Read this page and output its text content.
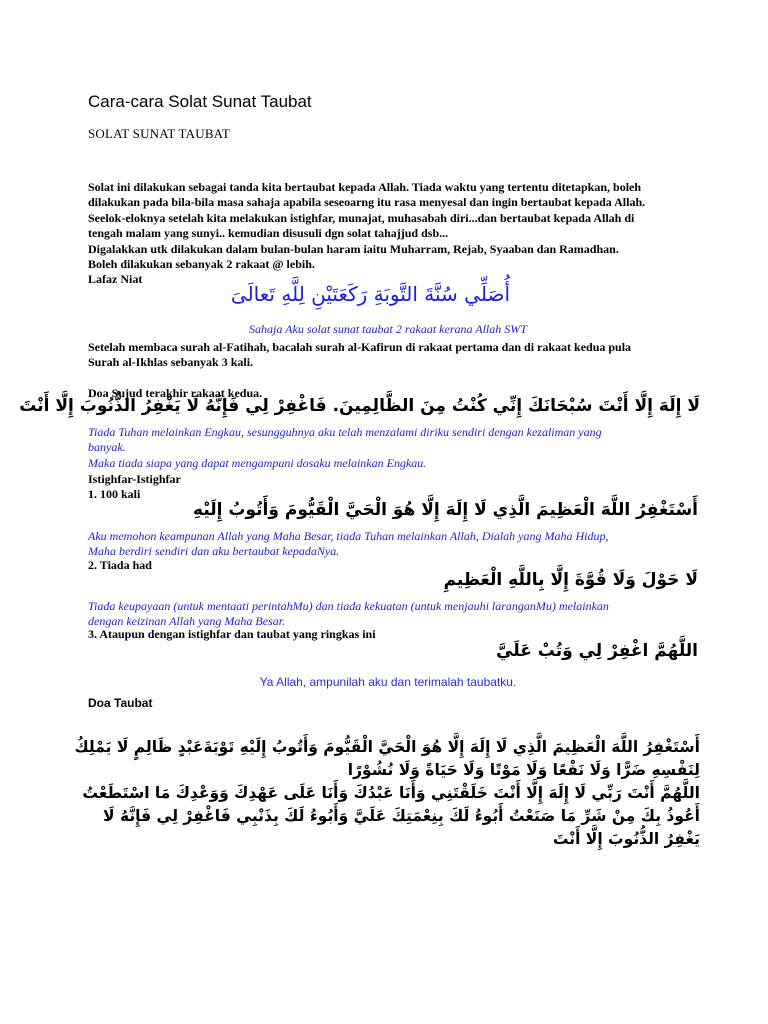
Cara-cara Solat Sunat Taubat
SOLAT SUNAT TAUBAT
Solat ini dilakukan sebagai tanda kita bertaubat kepada Allah. Tiada waktu yang tertentu ditetapkan, boleh
dilakukan pada bila-bila masa sahaja apabila seseoarng itu rasa menyesal dan ingin bertaubat kepada Allah.
Seelok-eloknya setelah kita melakukan istighfar, munajat, muhasabah diri...dan bertaubat kepada Allah di
tengah malam yang sunyi.. kemudian disusuli dgn solat tahajjud dsb...
Digalakkan utk dilakukan dalam bulan-bulan haram iaitu Muharram, Rejab, Syaaban dan Ramadhan.
Boleh dilakukan sebanyak 2 rakaat @ lebih.
Lafaz Niat
أُصَلِّي سُنَّةَ التَّوبَةِ رَكَعَتَيْنِ لِلَّهِ تَعالَىَ
Sahaja Aku solat sunat taubat 2 rakaat kerana Allah SWT
Setelah membaca surah al-Fatihah, bacalah surah al-Kafirun di rakaat pertama dan di rakaat kedua pula
Surah al-Ikhlas sebanyak 3 kali.
Doa Sujud terakhir rakaat kedua.
لَا إِلَهَ إِلَّا أَنْتَ سُبْحَانَكَ إِنِّي كُنْتُ مِنَ الظَّالِمِينَ. فَاغْفِرْ لِي فَإِنَّهُ لَا يَغْفِرُ الذُّنُوبَ إِلَّا أَنْتَ
Tiada Tuhan melainkan Engkau, sesungguhnya aku telah menzalami diriku sendiri dengan kezaliman yang
banyak.
Maka tiada siapa yang dapat mengampuni dosaku melainkan Engkau.
Istighfar-Istighfar
1. 100 kali
أَسْتَغْفِرُ اللَّهَ الْعَظِيمَ الَّذِي لَا إِلَهَ إِلَّا هُوَ الْحَيَّ الْقَيُّومَ وَأَتُوبُ إِلَيْهِ
Aku memohon keampunan Allah yang Maha Besar, tiada Tuhan melainkan Allah, Dialah yang Maha Hidup,
Maha berdiri sendiri dan aku bertaubat kepadaNya.
2. Tiada had
لَا حَوْلَ وَلَا قُوَّةَ إِلَّا بِاللَّهِ الْعَظِيمِ
Tiada keupayaan (untuk mentaati perintahMu) dan tiada kekuatan (untuk menjauhi laranganMu) melainkan
dengan keizinan Allah yang Maha Besar.
3. Ataupun dengan istighfar dan taubat yang ringkas ini
اللَّهُمَّ اغْفِرْ لِي وَتُبْ عَلَيَّ
Ya Allah, ampunilah aku dan terimalah taubatku.
Doa Taubat
أَسْتَغْفِرُ اللَّهَ الْعَظِيمَ الَّذِي لَا إِلَهَ إِلَّا هُوَ الْحَيَّ الْقَيُّومَ وَأَتُوبُ إِلَيْهِ تَوْبَةَعَبْدٍ ظَالِمٍ لَا يَمْلِكُ
لِنَفْسِهِ ضَرًّا وَلَا نَفْعًا وَلَا مَوْتًا وَلَا حَيَاةً وَلَا نُشُوْرًا
اللَّهُمَّ أَنْتَ رَبِّي لَا إِلَهَ إِلَّا أَنْتَ خَلَقْتَنِي وَأَنَا عَبْدُكَ وَأَنَا عَلَى عَهْدِكَ وَوَعْدِكَ مَا اسْتَطَعْتُ
أَعُوذُ بِكَ مِنْ شَرِّ مَا صَنَعْتُ أَبُوءُ لَكَ بِنِعْمَتِكَ عَلَيَّ وَأَبُوءُ لَكَ بِذَنْبِي فَاغْفِرْ لِي فَإِنَّهُ لَا
يَغْفِرُ الذُّنُوبَ إِلَّا أَنْتَ
